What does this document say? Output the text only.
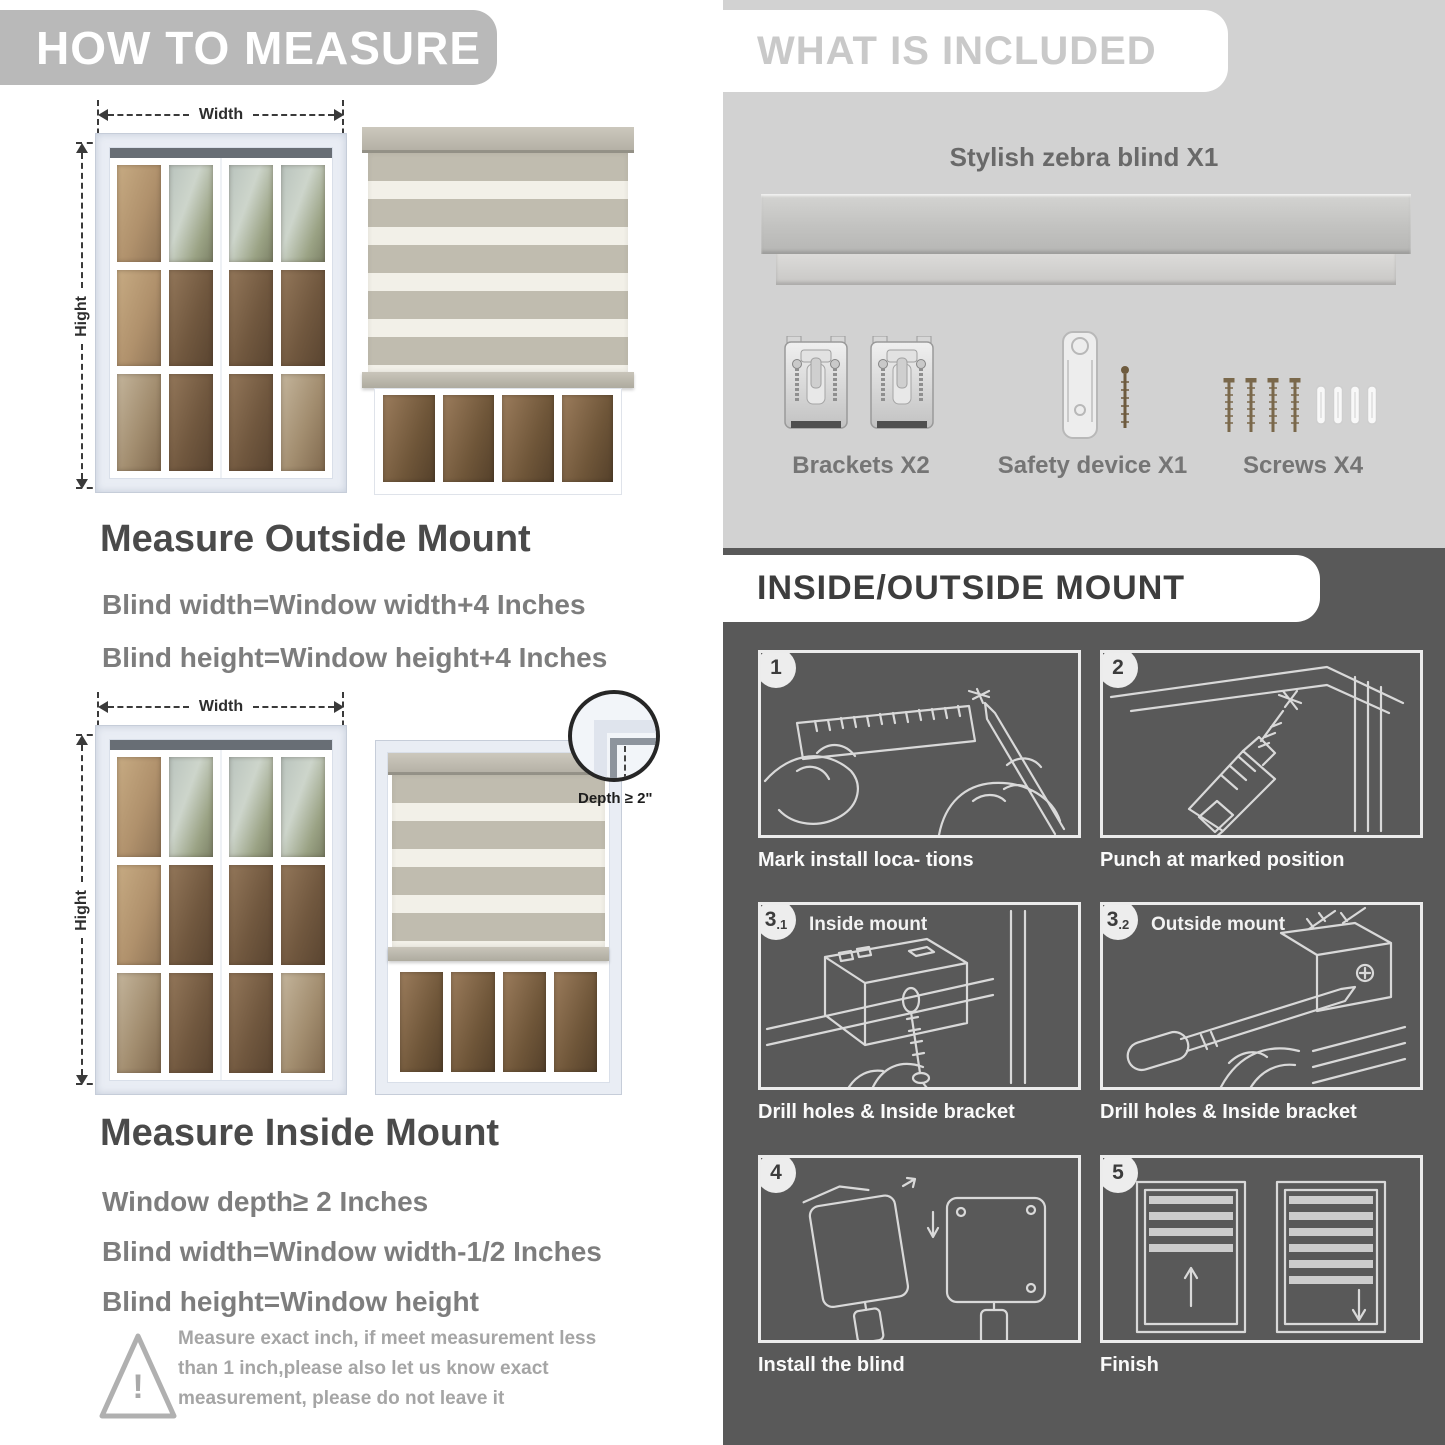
HOW TO MEASURE
Width
Hight
Measure Outside Mount
Blind width=Window width+4 Inches
Blind height=Window height+4 Inches
Width
Hight
Depth ≥ 2"
Measure Inside Mount
Window depth≥ 2 Inches
Blind width=Window width-1/2 Inches
Blind height=Window height
!
Measure exact inch, if meet measurement less than 1 inch,please also let us know exact measurement, please do not leave it
WHAT IS INCLUDED
Stylish zebra blind X1
Brackets X2	Safety device X1	Screws X4
INSIDE/OUTSIDE MOUNT
1
Mark install loca- tions
2
Punch at marked position
3 .1 Inside mount
Drill holes & Inside bracket
3 .2 Outside mount
Drill holes & Inside bracket
4
Install the blind
5
Finish
